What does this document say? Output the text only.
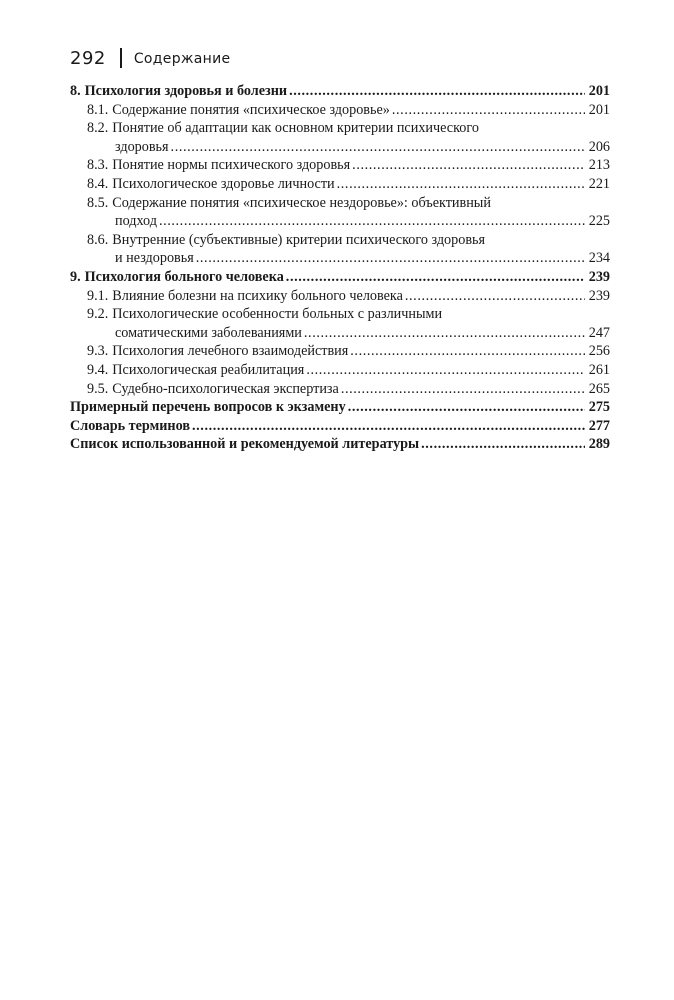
292 Содержание
8. Психология здоровья и болезни .....	201
8.1. Содержание понятия «психическое здоровье» .....	201
8.2. Понятие об адаптации как основном критерии психического
здоровья .....	206
8.3. Понятие нормы психического здоровья .....	213
8.4. Психологическое здоровье личности .....	221
8.5. Содержание понятия «психическое нездоровье»: объективный
подход .....	225
8.6. Внутренние (субъективные) критерии психического здоровья
и нездоровья .....	234
9. Психология больного человека .....	239
9.1. Влияние болезни на психику больного человека .....	239
9.2. Психологические особенности больных с различными
соматическими заболеваниями .....	247
9.3. Психология лечебного взаимодействия .....	256
9.4. Психологическая реабилитация .....	261
9.5. Судебно-психологическая экспертиза .....	265
Примерный перечень вопросов к экзамену .....	275
Словарь терминов .....	277
Список использованной и рекомендуемой литературы .....	289
